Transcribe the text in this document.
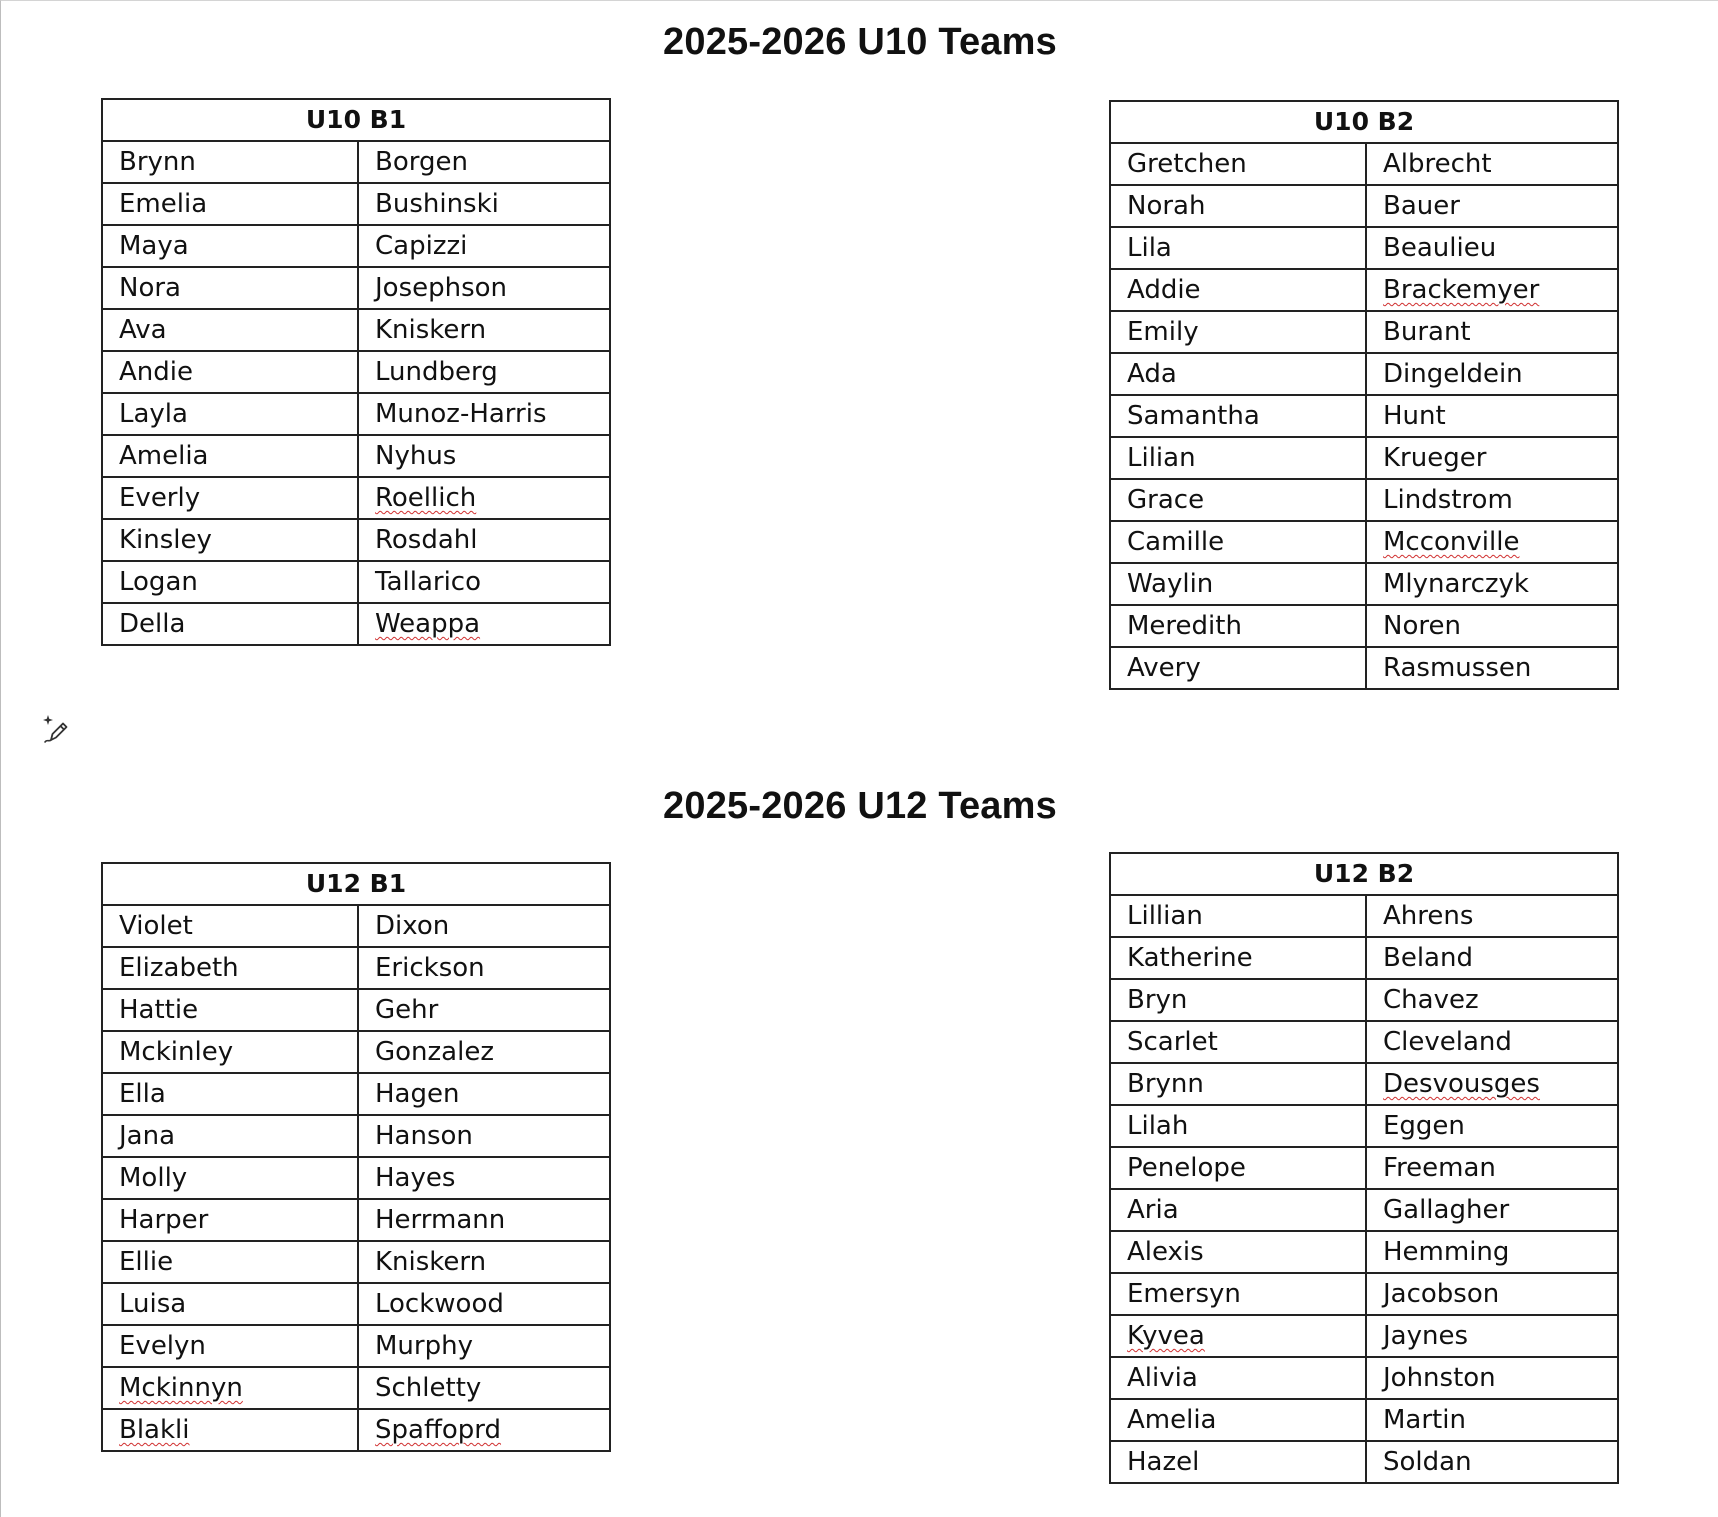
2025-2026 U10 Teams
U10 B1	
Brynn	Borgen
Emelia	Bushinski
Maya	Capizzi
Nora	Josephson
Ava	Kniskern
Andie	Lundberg
Layla	Munoz-Harris
Amelia	Nyhus
Everly	Roellich
Kinsley	Rosdahl
Logan	Tallarico
Della	Weappa
U10 B2	
Gretchen	Albrecht
Norah	Bauer
Lila	Beaulieu
Addie	Brackemyer
Emily	Burant
Ada	Dingeldein
Samantha	Hunt
Lilian	Krueger
Grace	Lindstrom
Camille	Mcconville
Waylin	Mlynarczyk
Meredith	Noren
Avery	Rasmussen
2025-2026 U12 Teams
U12 B1	
Violet	Dixon
Elizabeth	Erickson
Hattie	Gehr
Mckinley	Gonzalez
Ella	Hagen
Jana	Hanson
Molly	Hayes
Harper	Herrmann
Ellie	Kniskern
Luisa	Lockwood
Evelyn	Murphy
Mckinnyn	Schletty
Blakli	Spaffoprd
U12 B2	
Lillian	Ahrens
Katherine	Beland
Bryn	Chavez
Scarlet	Cleveland
Brynn	Desvousges
Lilah	Eggen
Penelope	Freeman
Aria	Gallagher
Alexis	Hemming
Emersyn	Jacobson
Kyvea	Jaynes
Alivia	Johnston
Amelia	Martin
Hazel	Soldan
